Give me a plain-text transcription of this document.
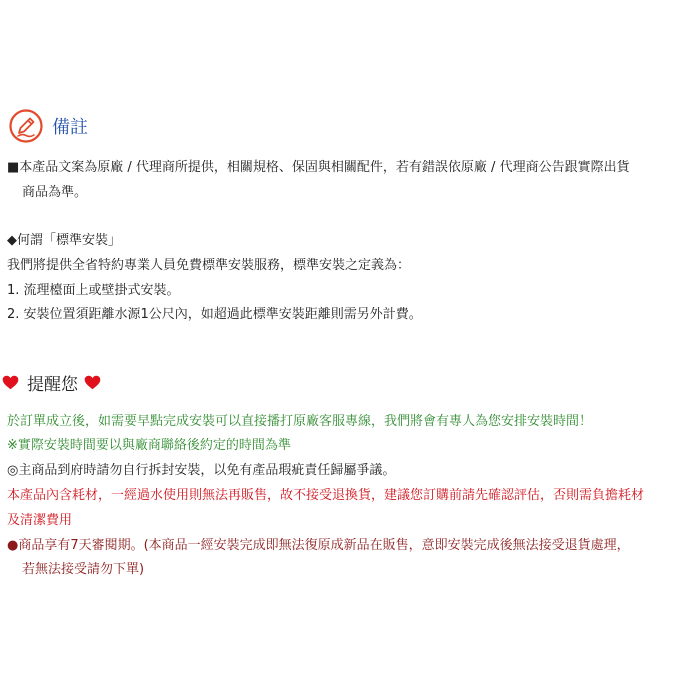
備註
■本產品文案為原廠 / 代理商所提供，相關規格、保固與相關配件，若有錯誤依原廠 / 代理商公告跟實際出貨
商品為準。
◆何謂「標準安裝」
我們將提供全省特約專業人員免費標準安裝服務，標準安裝之定義為：
1. 流理檯面上或壁掛式安裝。
2. 安裝位置須距離水源1公尺內，如超過此標準安裝距離則需另外計費。
提醒您
於訂單成立後，如需要早點完成安裝可以直接播打原廠客服專線，我們將會有專人為您安排安裝時間！
※實際安裝時間要以與廠商聯絡後約定的時間為準
◎主商品到府時請勿自行拆封安裝，以免有產品瑕疵責任歸屬爭議。
本產品內含耗材，一經過水使用則無法再販售，故不接受退換貨，建議您訂購前請先確認評估，否則需負擔耗材
及清潔費用
●商品享有7天審閱期。(本商品一經安裝完成即無法復原成新品在販售，意即安裝完成後無法接受退貨處理，
若無法接受請勿下單)
